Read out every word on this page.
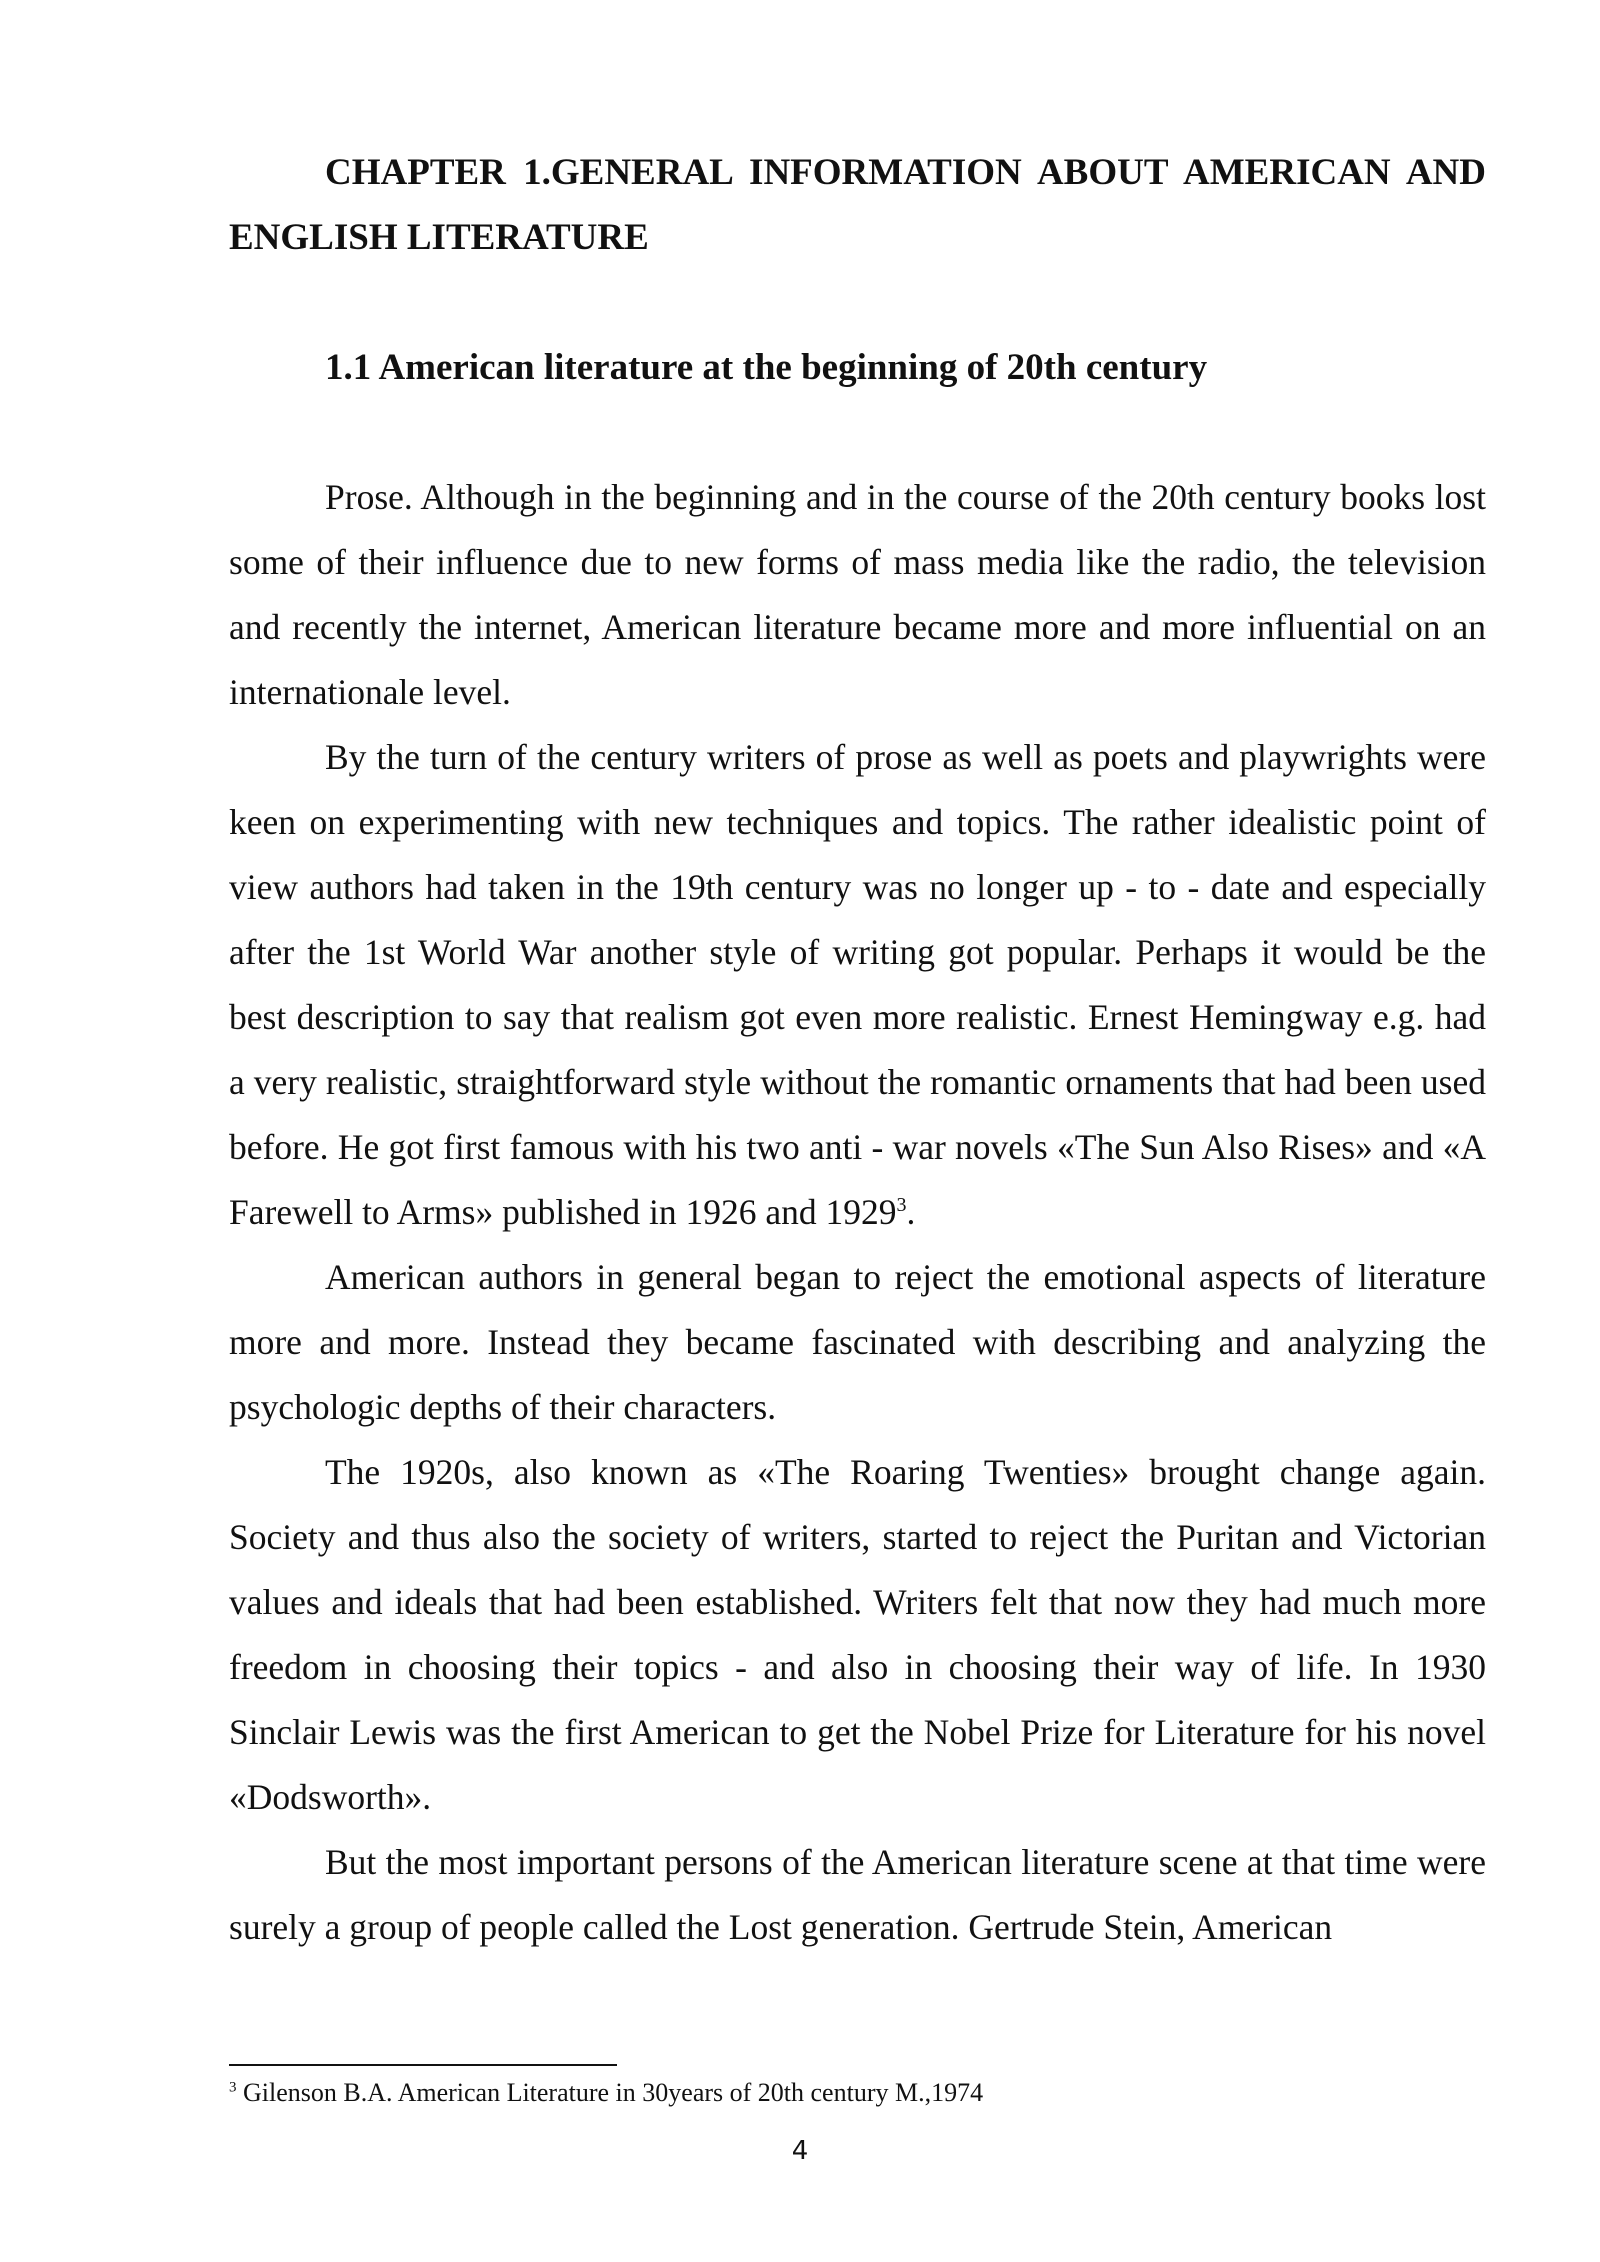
CHAPTER 1.GENERAL INFORMATION ABOUT AMERICAN AND ENGLISH LITERATURE
1.1 American literature at the beginning of 20th century

Prose. Although in the beginning and in the course of the 20th century books lost some of their influence due to new forms of mass media like the radio, the television and recently the internet, American literature became more and more influential on an internationale level.

By the turn of the century writers of prose as well as poets and playwrights were keen on experimenting with new techniques and topics. The rather idealistic point of view authors had taken in the 19th century was no longer up - to - date and especially after the 1st World War another style of writing got popular. Perhaps it would be the best description to say that realism got even more realistic. Ernest Hemingway e.g. had a very realistic, straightforward style without the romantic ornaments that had been used before. He got first famous with his two anti - war novels «The Sun Also Rises» and «A Farewell to Arms» published in 1926 and 1929$^3$.

American authors in general began to reject the emotional aspects of literature more and more. Instead they became fascinated with describing and analyzing the psychologic depths of their characters.

The 1920s, also known as «The Roaring Twenties» brought change again. Society and thus also the society of writers, started to reject the Puritan and Victorian values and ideals that had been established. Writers felt that now they had much more freedom in choosing their topics - and also in choosing their way of life. In 1930 Sinclair Lewis was the first American to get the Nobel Prize for Literature for his novel «Dodsworth».

But the most important persons of the American literature scene at that time were surely a group of people called the Lost generation. Gertrude Stein, American

$^3$ Gilenson B.A. American Literature in 30years of 20th century M.,1974
4
